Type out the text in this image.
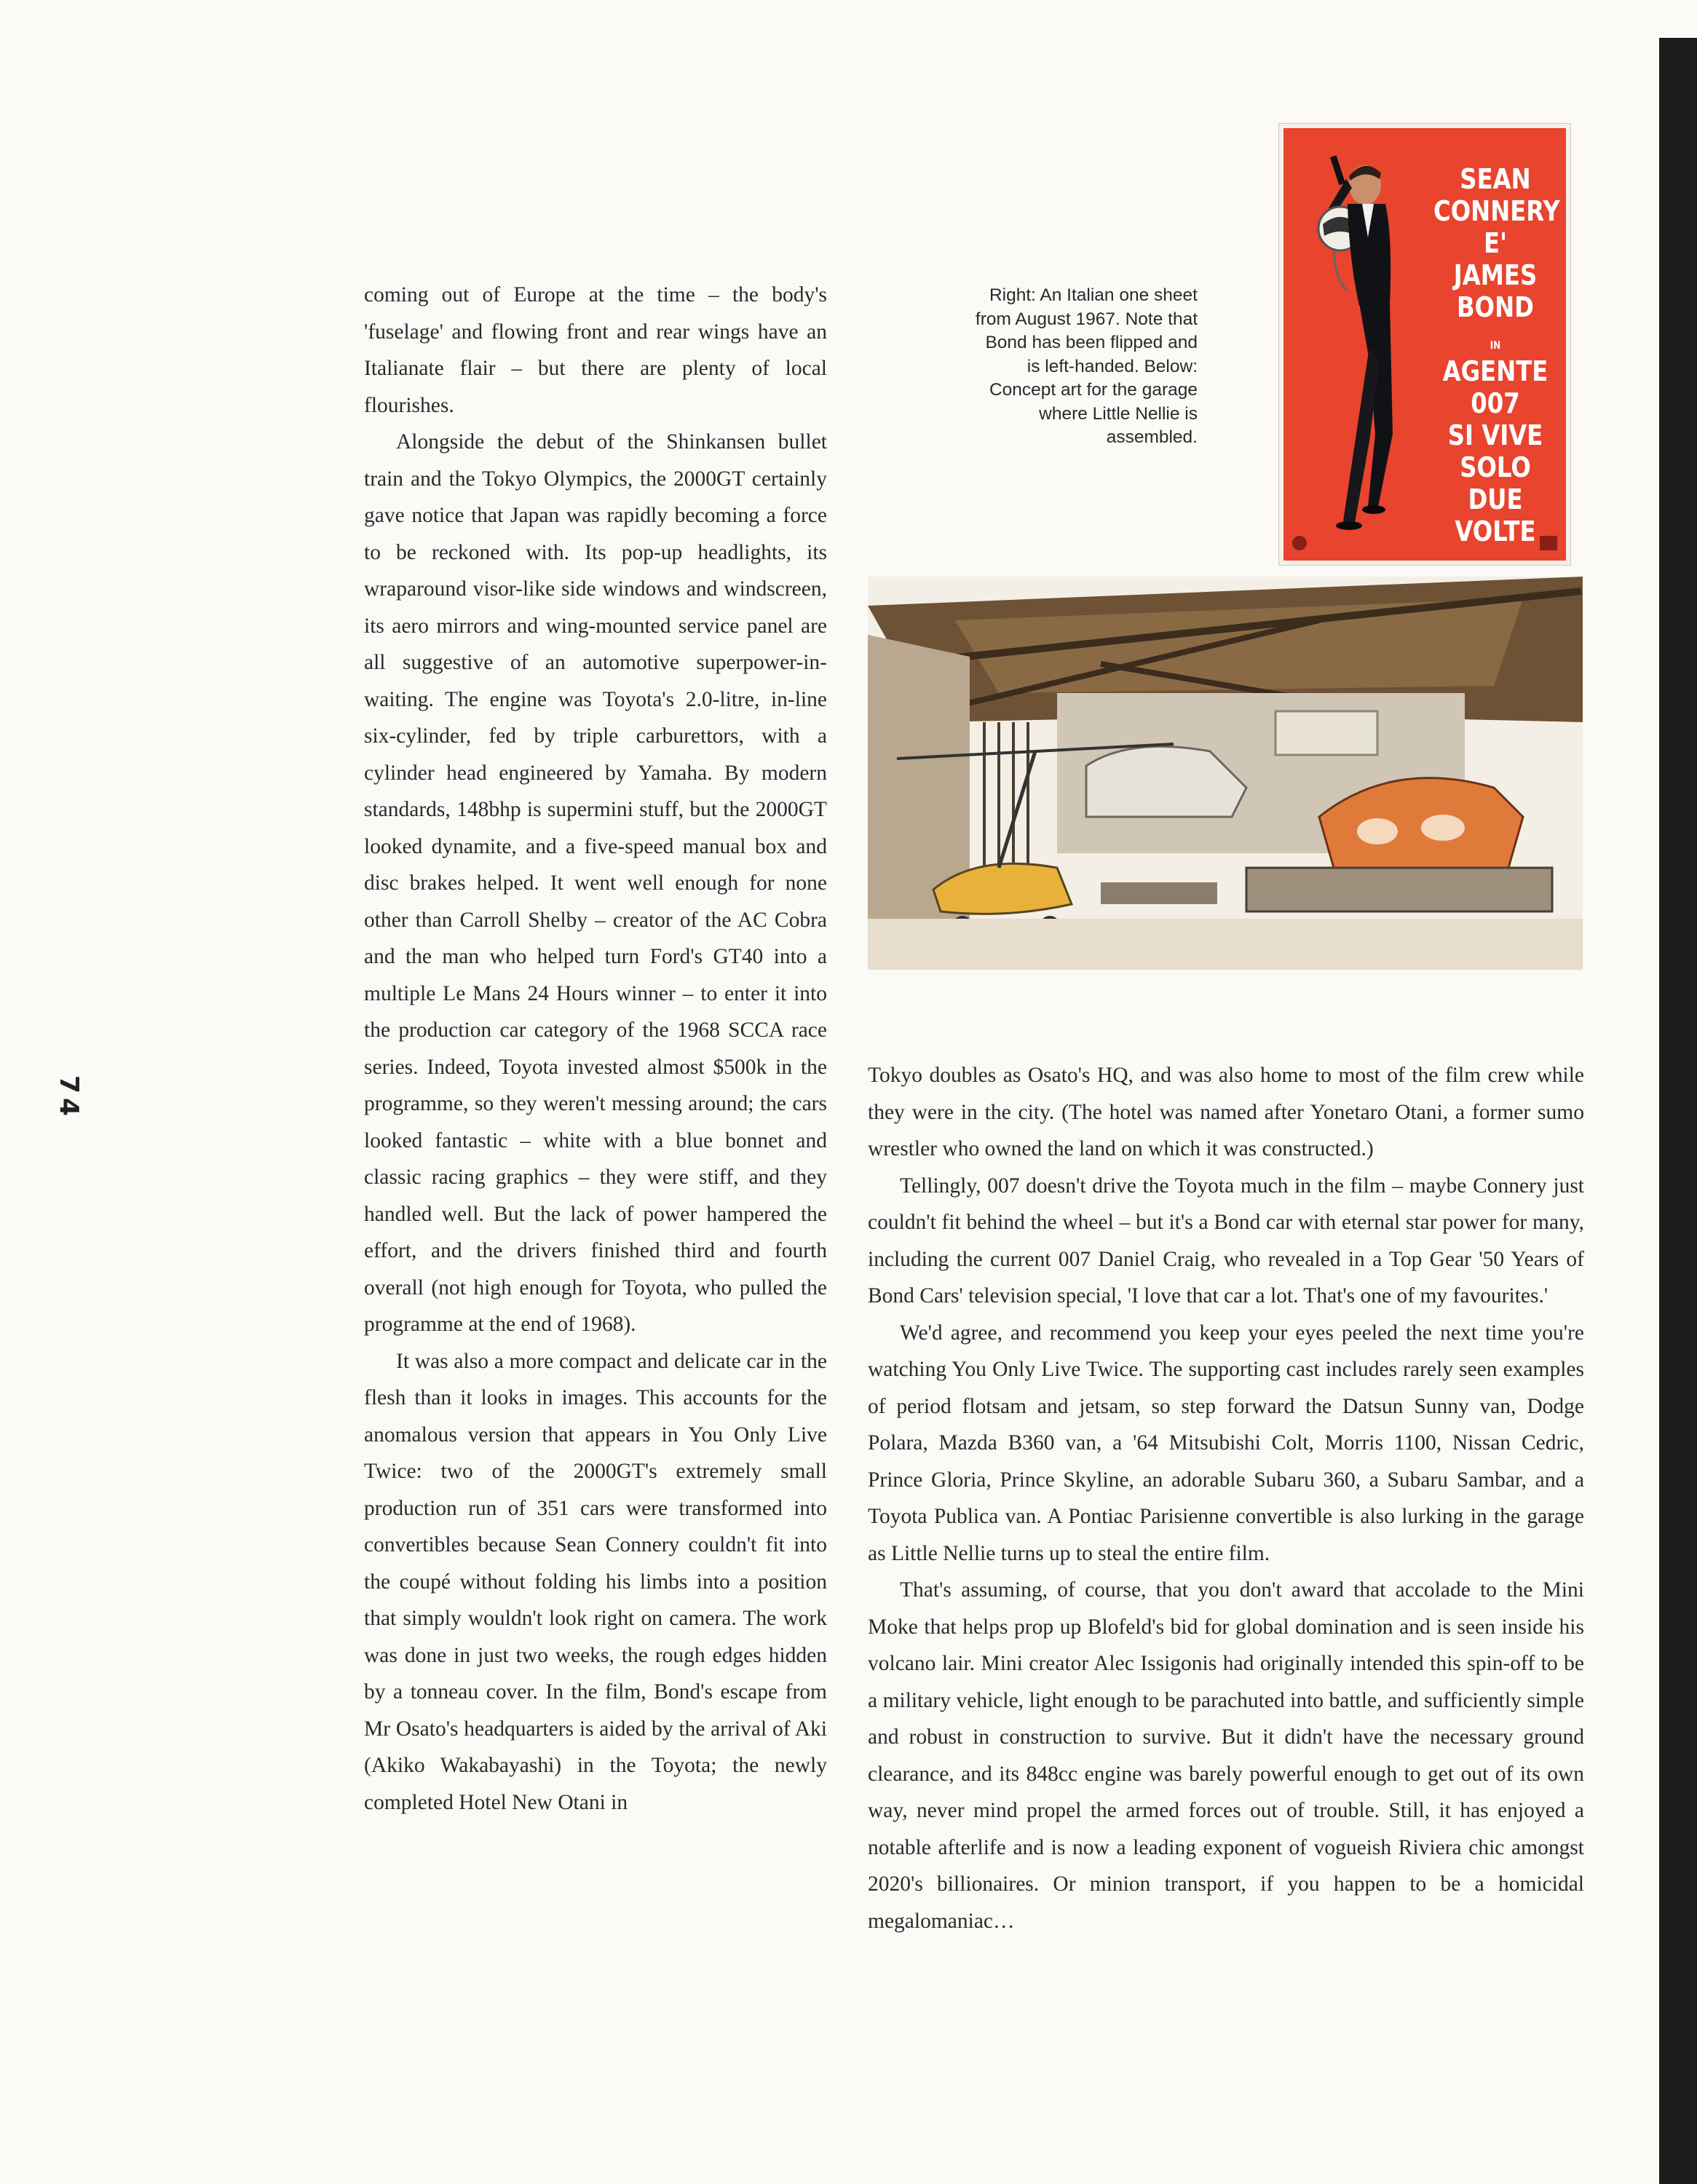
74

coming out of Europe at the time – the body's 'fuselage' and flowing front and rear wings have an Italianate flair – but there are plenty of local flourishes.

Alongside the debut of the Shinkansen bullet train and the Tokyo Olympics, the 2000GT certainly gave notice that Japan was rapidly becoming a force to be reckoned with. Its pop-up headlights, its wraparound visor-like side windows and windscreen, its aero mirrors and wing-mounted service panel are all suggestive of an automotive superpower-in-waiting. The engine was Toyota's 2.0-litre, in-line six-cylinder, fed by triple carburettors, with a cylinder head engineered by Yamaha. By modern standards, 148bhp is supermini stuff, but the 2000GT looked dynamite, and a five-speed manual box and disc brakes helped. It went well enough for none other than Carroll Shelby – creator of the AC Cobra and the man who helped turn Ford's GT40 into a multiple Le Mans 24 Hours winner – to enter it into the production car category of the 1968 SCCA race series. Indeed, Toyota invested almost $500k in the programme, so they weren't messing around; the cars looked fantastic – white with a blue bonnet and classic racing graphics – they were stiff, and they handled well. But the lack of power hampered the effort, and the drivers finished third and fourth overall (not high enough for Toyota, who pulled the programme at the end of 1968).

It was also a more compact and delicate car in the flesh than it looks in images. This accounts for the anomalous version that appears in You Only Live Twice: two of the 2000GT's extremely small production run of 351 cars were transformed into convertibles because Sean Connery couldn't fit into the coupé without folding his limbs into a position that simply wouldn't look right on camera. The work was done in just two weeks, the rough edges hidden by a tonneau cover. In the film, Bond's escape from Mr Osato's headquarters is aided by the arrival of Aki (Akiko Wakabayashi) in the Toyota; the newly completed Hotel New Otani in

Right: An Italian one sheet from August 1967. Note that Bond has been flipped and is left-handed. Below: Concept art for the garage where Little Nellie is assembled.
SEAN
CONNERY
E'
JAMES
BOND
IN AGENTE
007
SI VIVE
SOLO
DUE VOLTE

Tokyo doubles as Osato's HQ, and was also home to most of the film crew while they were in the city. (The hotel was named after Yonetaro Otani, a former sumo wrestler who owned the land on which it was constructed.)

Tellingly, 007 doesn't drive the Toyota much in the film – maybe Connery just couldn't fit behind the wheel – but it's a Bond car with eternal star power for many, including the current 007 Daniel Craig, who revealed in a Top Gear '50 Years of Bond Cars' television special, 'I love that car a lot. That's one of my favourites.'

We'd agree, and recommend you keep your eyes peeled the next time you're watching You Only Live Twice. The supporting cast includes rarely seen examples of period flotsam and jetsam, so step forward the Datsun Sunny van, Dodge Polara, Mazda B360 van, a '64 Mitsubishi Colt, Morris 1100, Nissan Cedric, Prince Gloria, Prince Skyline, an adorable Subaru 360, a Subaru Sambar, and a Toyota Publica van. A Pontiac Parisienne convertible is also lurking in the garage as Little Nellie turns up to steal the entire film.

That's assuming, of course, that you don't award that accolade to the Mini Moke that helps prop up Blofeld's bid for global domination and is seen inside his volcano lair. Mini creator Alec Issigonis had originally intended this spin-off to be a military vehicle, light enough to be parachuted into battle, and sufficiently simple and robust in construction to survive. But it didn't have the necessary ground clearance, and its 848cc engine was barely powerful enough to get out of its own way, never mind propel the armed forces out of trouble. Still, it has enjoyed a notable afterlife and is now a leading exponent of vogueish Riviera chic amongst 2020's billionaires. Or minion transport, if you happen to be a homicidal megalomaniac…
